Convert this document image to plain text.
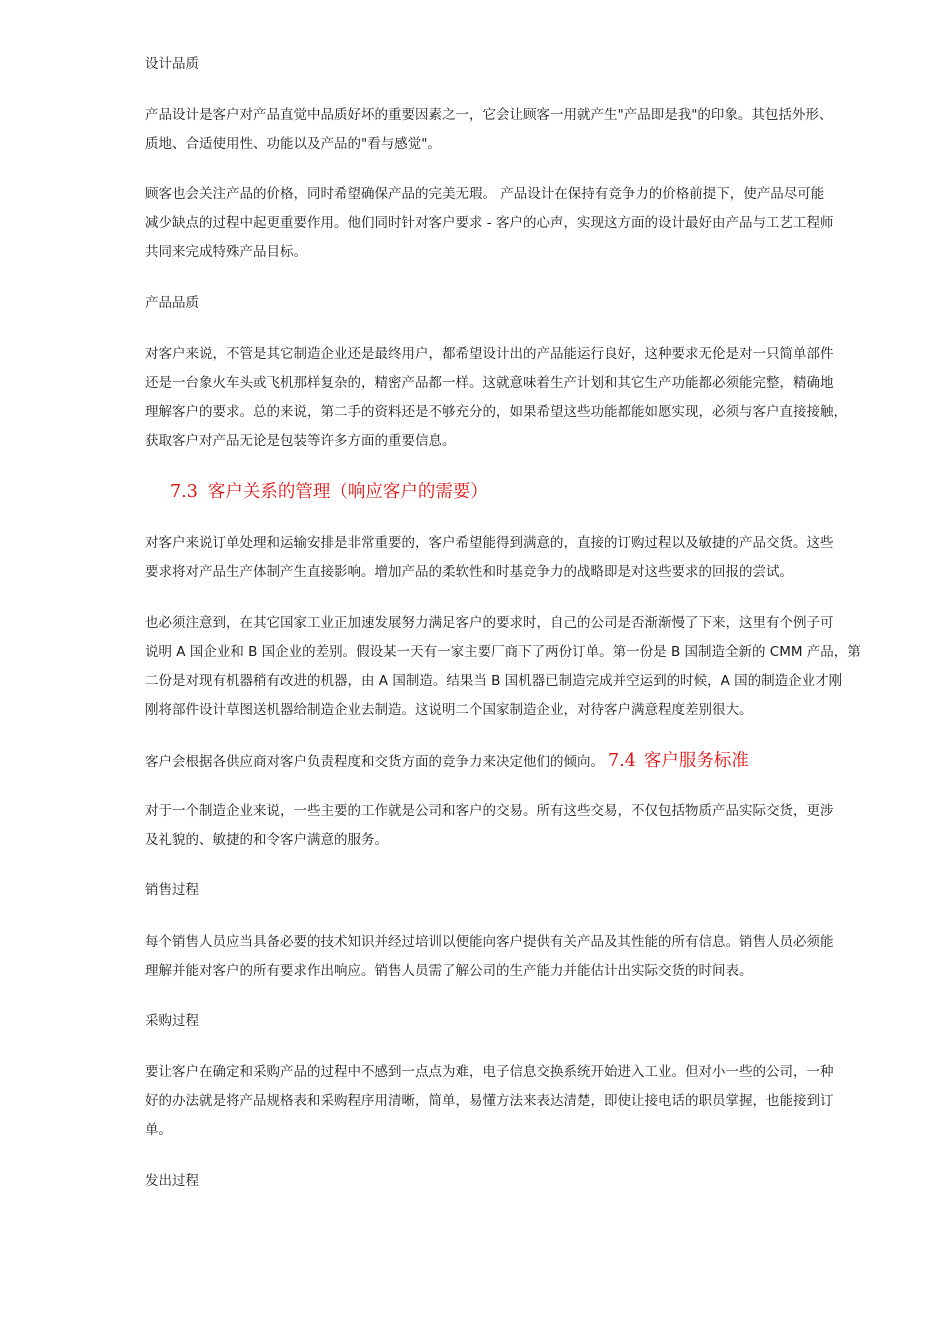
设计品质
产品设计是客户对产品直觉中品质好坏的重要因素之一，它会让顾客一用就产生"产品即是我"的印象。其包括外形、
质地、合适使用性、功能以及产品的"看与感觉"。
顾客也会关注产品的价格，同时希望确保产品的完美无瑕。 产品设计在保持有竞争力的价格前提下，使产品尽可能
减少缺点的过程中起更重要作用。他们同时针对客户要求 - 客户的心声，实现这方面的设计最好由产品与工艺工程师
共同来完成特殊产品目标。
产品品质
对客户来说，不管是其它制造企业还是最终用户，都希望设计出的产品能运行良好，这种要求无伦是对一只简单部件
还是一台象火车头或飞机那样复杂的，精密产品都一样。这就意味着生产计划和其它生产功能都必须能完整，精确地
理解客户的要求。总的来说，第二手的资料还是不够充分的，如果希望这些功能都能如愿实现，必须与客户直接接触，
获取客户对产品无论是包装等许多方面的重要信息。
7.3 客户关系的管理（响应客户的需要）
对客户来说订单处理和运输安排是非常重要的，客户希望能得到满意的，直接的订购过程以及敏捷的产品交货。这些
要求将对产品生产体制产生直接影响。增加产品的柔软性和时基竞争力的战略即是对这些要求的回报的尝试。
也必须注意到，在其它国家工业正加速发展努力满足客户的要求时，自己的公司是否渐渐慢了下来，这里有个例子可
说明 A 国企业和 B 国企业的差别。假设某一天有一家主要厂商下了两份订单。第一份是 B 国制造全新的 CMM 产品，第
二份是对现有机器稍有改进的机器，由 A 国制造。结果当 B 国机器已制造完成并空运到的时候，A 国的制造企业才刚
刚将部件设计草图送机器给制造企业去制造。这说明二个国家制造企业，对待客户满意程度差别很大。
客户会根据各供应商对客户负责程度和交货方面的竞争力来决定他们的倾向。 7.4 客户服务标准
对于一个制造企业来说，一些主要的工作就是公司和客户的交易。所有这些交易，不仅包括物质产品实际交货，更涉
及礼貌的、敏捷的和令客户满意的服务。
销售过程
每个销售人员应当具备必要的技术知识并经过培训以便能向客户提供有关产品及其性能的所有信息。销售人员必须能
理解并能对客户的所有要求作出响应。销售人员需了解公司的生产能力并能估计出实际交货的时间表。
采购过程
要让客户在确定和采购产品的过程中不感到一点点为难，电子信息交换系统开始进入工业。但对小一些的公司，一种
好的办法就是将产品规格表和采购程序用清晰，简单，易懂方法来表达清楚，即使让接电话的职员掌握，也能接到订
单。
发出过程
